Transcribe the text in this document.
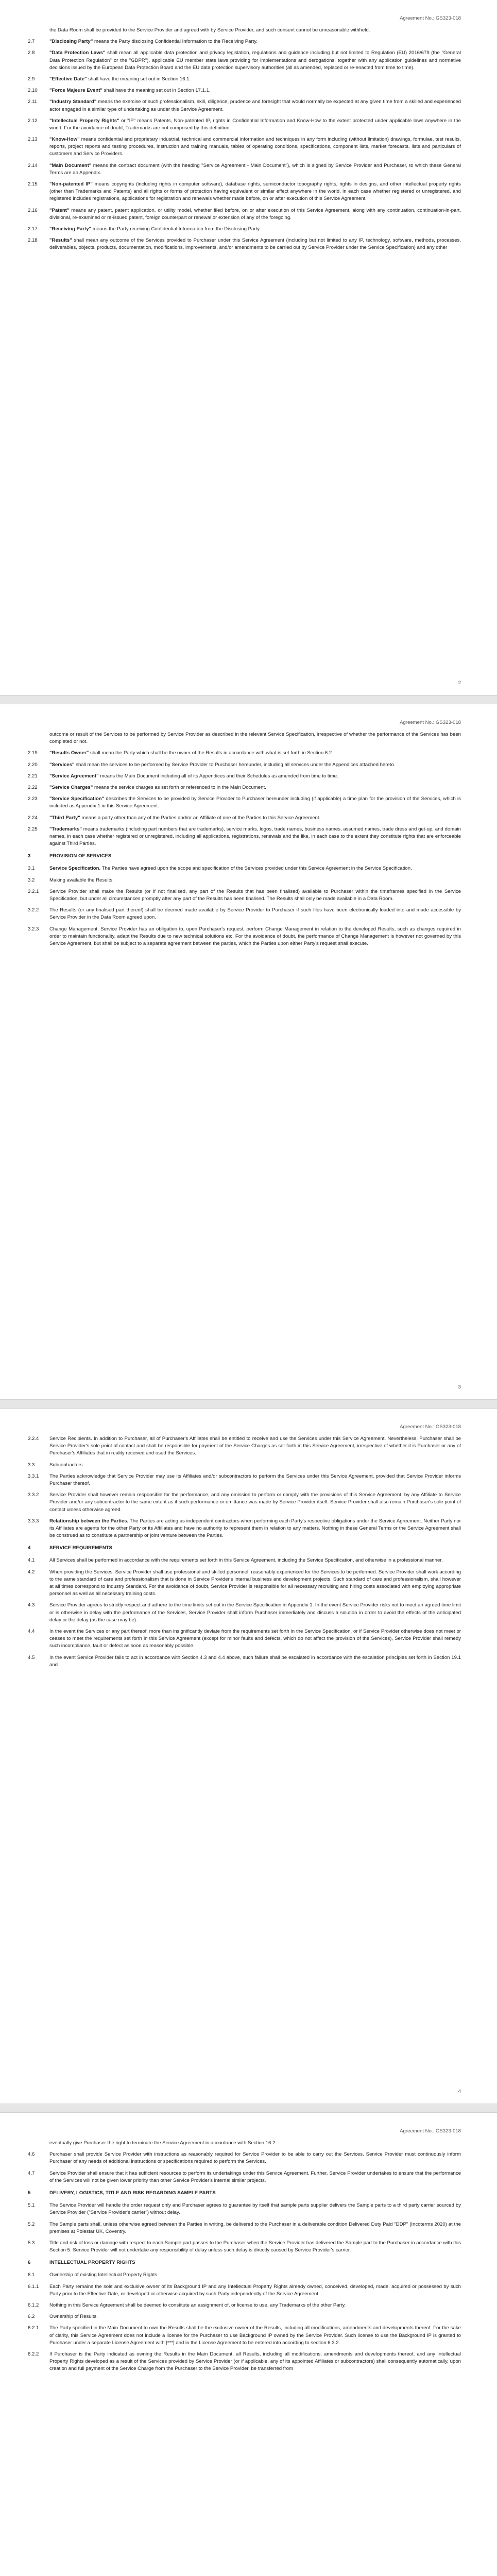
Agreement No.: GS323-018
the Data Room shall be provided to the Service Provider and agreed with by Service Provider, and such consent cannot be unreasonable withheld.
2.7	"Disclosing Party" means the Party disclosing Confidential Information to the Receiving Party.
2.8	"Data Protection Laws" shall mean all applicable data protection and privacy legislation, regulations and guidance including but not limited to Regulation (EU) 2016/679 (the "General Data Protection Regulation" or the "GDPR"), applicable EU member state laws providing for implementations and derogations, together with any application guidelines and normative decisions issued by the European Data Protection Board and the EU data protection supervisory authorities (all as amended, replaced or re-enacted from time to time).
2.9	"Effective Date" shall have the meaning set out in Section 16.1.
2.10	"Force Majeure Event" shall have the meaning set out in Section 17.1.1.
2.11	"Industry Standard" means the exercise of such professionalism, skill, diligence, prudence and foresight that would normally be expected at any given time from a skilled and experienced actor engaged in a similar type of undertaking as under this Service Agreement.
2.12	"Intellectual Property Rights" or "IP" means Patents, Non-patented IP, rights in Confidential Information and Know-How to the extent protected under applicable laws anywhere in the world. For the avoidance of doubt, Trademarks are not comprised by this definition.
2.13	"Know-How" means confidential and proprietary industrial, technical and commercial information and techniques in any form including (without limitation) drawings, formulae, test results, reports, project reports and testing procedures, instruction and training manuals, tables of operating conditions, specifications, component lists, market forecasts, lists and particulars of customers and Service Providers.
2.14	"Main Document" means the contract document (with the heading "Service Agreement - Main Document"), which is signed by Service Provider and Purchaser, to which these General Terms are an Appendix.
2.15	"Non-patented IP" means copyrights (including rights in computer software), database rights, semiconductor topography rights, rights in designs, and other intellectual property rights (other than Trademarks and Patents) and all rights or forms of protection having equivalent or similar effect anywhere in the world, in each case whether registered or unregistered, and registered includes registrations, applications for registration and renewals whether made before, on or after execution of this Service Agreement.
2.16	"Patent" means any patent, patent application, or utility model, whether filed before, on or after execution of this Service Agreement, along with any continuation, continuation-in-part, divisional, re-examined or re-issued patent, foreign counterpart or renewal or extension of any of the foregoing.
2.17	"Receiving Party" means the Party receiving Confidential Information from the Disclosing Party.
2.18	"Results" shall mean any outcome of the Services provided to Purchaser under this Service Agreement (including but not limited to any IP, technology, software, methods, processes, deliverables, objects, products, documentation, modifications, improvements, and/or amendments to be carried out by Service Provider under the Service Specification) and any other
2
Agreement No.: GS323-018
outcome or result of the Services to be performed by Service Provider as described in the relevant Service Specification, irrespective of whether the performance of the Services has been completed or not.
2.19	"Results Owner" shall mean the Party which shall be the owner of the Results in accordance with what is set forth in Section 6.2.
2.20	"Services" shall mean the services to be performed by Service Provider to Purchaser hereunder, including all services under the Appendices attached hereto.
2.21	"Service Agreement" means the Main Document including all of its Appendices and their Schedules as amended from time to time.
2.22	"Service Charges" means the service charges as set forth or referenced to in the Main Document.
2.23	"Service Specification" describes the Services to be provided by Service Provider to Purchaser hereunder including (if applicable) a time plan for the provision of the Services, which is included as Appendix 1 in this Service Agreement.
2.24	"Third Party" means a party other than any of the Parties and/or an Affiliate of one of the Parties to this Service Agreement.
2.25	"Trademarks" means trademarks (including part numbers that are trademarks), service marks, logos, trade names, business names, assumed names, trade dress and get-up, and domain names, in each case whether registered or unregistered, including all applications, registrations, renewals and the like, in each case to the extent they constitute rights that are enforceable against Third Parties.
3	PROVISION OF SERVICES
3.1	Service Specification. The Parties have agreed upon the scope and specification of the Services provided under this Service Agreement in the Service Specification.
3.2	Making available the Results.
3.2.1	Service Provider shall make the Results (or if not finalised, any part of the Results that has been finalised) available to Purchaser within the timeframes specified in the Service Specification, but under all circumstances promptly after any part of the Results has been finalised. The Results shall only be made available in a Data Room.
3.2.2	The Results (or any finalised part thereof) shall be deemed made available by Service Provider to Purchaser if such files have been electronically loaded into and made accessible by Service Provider in the Data Room agreed upon.
3.2.3	Change Management. Service Provider has an obligation to, upon Purchaser's request, perform Change Management in relation to the developed Results, such as changes required in order to maintain functionality, adapt the Results due to new technical solutions etc. For the avoidance of doubt, the performance of Change Management is however not governed by this Service Agreement, but shall be subject to a separate agreement between the parties, which the Parties upon either Party's request shall execute.
3
Agreement No.: GS323-018
3.2.4	Service Recipients. In addition to Purchaser, all of Purchaser's Affiliates shall be entitled to receive and use the Services under this Service Agreement. Nevertheless, Purchaser shall be Service Provider's sole point of contact and shall be responsible for payment of the Service Charges as set forth in this Service Agreement, irrespective of whether it is Purchaser or any of Purchaser's Affiliates that in reality received and used the Services.
3.3	Subcontractors.
3.3.1	The Parties acknowledge that Service Provider may use its Affiliates and/or subcontractors to perform the Services under this Service Agreement, provided that Service Provider informs Purchaser thereof.
3.3.2	Service Provider shall however remain responsible for the performance, and any omission to perform or comply with the provisions of this Service Agreement, by any Affiliate to Service Provider and/or any subcontractor to the same extent as if such performance or omittance was made by Service Provider itself. Service Provider shall also remain Purchaser's sole point of contact unless otherwise agreed.
3.3.3	Relationship between the Parties. The Parties are acting as independent contractors when performing each Party's respective obligations under the Service Agreement. Neither Party nor its Affiliates are agents for the other Party or its Affiliates and have no authority to represent them in relation to any matters. Nothing in these General Terms or the Service Agreement shall be construed as to constitute a partnership or joint venture between the Parties.
4	SERVICE REQUIREMENTS
4.1	All Services shall be performed in accordance with the requirements set forth in this Service Agreement, including the Service Specification, and otherwise in a professional manner.
4.2	When providing the Services, Service Provider shall use professional and skilled personnel, reasonably experienced for the Services to be performed. Service Provider shall work according to the same standard of care and professionalism that is done in Service Provider's internal business and development projects. Such standard of care and professionalism, shall however at all times correspond to Industry Standard. For the avoidance of doubt, Service Provider is responsible for all necessary recruiting and hiring costs associated with employing appropriate personnel as well as all necessary training costs.
4.3	Service Provider agrees to strictly respect and adhere to the time limits set out in the Service Specification in Appendix 1. In the event Service Provider risks not to meet an agreed time limit or is otherwise in delay with the performance of the Services, Service Provider shall inform Purchaser immediately and discuss a solution in order to avoid the effects of the anticipated delay or the delay (as the case may be).
4.4	In the event the Services or any part thereof, more than insignificantly deviate from the requirements set forth in the Service Specification, or if Service Provider otherwise does not meet or ceases to meet the requirements set forth in this Service Agreement (except for minor faults and defects, which do not affect the provision of the Services), Service Provider shall remedy such incompliance, fault or defect as soon as reasonably possible.
4.5	In the event Service Provider fails to act in accordance with Section 4.3 and 4.4 above, such failure shall be escalated in accordance with the escalation principles set forth in Section 19.1 and
4
Agreement No.: GS323-018
eventually give Purchaser the right to terminate the Service Agreement in accordance with Section 16.2.
4.6	Purchaser shall provide Service Provider with instructions as reasonably required for Service Provider to be able to carry out the Services. Service Provider must continuously inform Purchaser of any needs of additional instructions or specifications required to perform the Services.
4.7	Service Provider shall ensure that it has sufficient resources to perform its undertakings under this Service Agreement. Further, Service Provider undertakes to ensure that the performance of the Services will not be given lower priority than other Service Provider's internal similar projects.
5	DELIVERY, LOGISTICS, TITLE AND RISK REGARDING SAMPLE PARTS
5.1	The Service Provider will handle the order request only and Purchaser agrees to guarantee by itself that sample parts supplier delivers the Sample parts to a third party carrier sourced by Service Provider ("Service Provider's carrier") without delay.
5.2	The Sample parts shall, unless otherwise agreed between the Parties in writing, be delivered to the Purchaser in a deliverable condition Delivered Duty Paid "DDP" (Incoterms 2020) at the premises at Polestar UK, Coventry.
5.3	Title and risk of loss or damage with respect to each Sample part passes to the Purchaser when the Service Provider has delivered the Sample part to the Purchaser in accordance with this Section 5. Service Provider will not undertake any responsibility of delay unless such delay is directly caused by Service Provider's carrier.
6	INTELLECTUAL PROPERTY RIGHTS
6.1	Ownership of existing Intellectual Property Rights.
6.1.1	Each Party remains the sole and exclusive owner of its Background IP and any Intellectual Property Rights already owned, conceived, developed, made, acquired or possessed by such Party prior to the Effective Date, or developed or otherwise acquired by such Party independently of the Service Agreement.
6.1.2	Nothing in this Service Agreement shall be deemed to constitute an assignment of, or license to use, any Trademarks of the other Party.
6.2	Ownership of Results.
6.2.1	The Party specified in the Main Document to own the Results shall be the exclusive owner of the Results, including all modifications, amendments and developments thereof. For the sake of clarity, this Service Agreement does not include a license for the Purchaser to use Background IP owned by the Service Provider. Such license to use the Background IP is granted to Purchaser under a separate License Agreement with [***] and in the License Agreement to be entered into according to section 6.3.2.
6.2.2	If Purchaser is the Party indicated as owning the Results in the Main Document, all Results, including all modifications, amendments and developments thereof, and any Intellectual Property Rights developed as a result of the Services provided by Service Provider (or if applicable, any of its appointed Affiliates or subcontractors) shall consequently automatically, upon creation and full payment of the Service Charge from the Purchaser to the Service Provider, be transferred from
